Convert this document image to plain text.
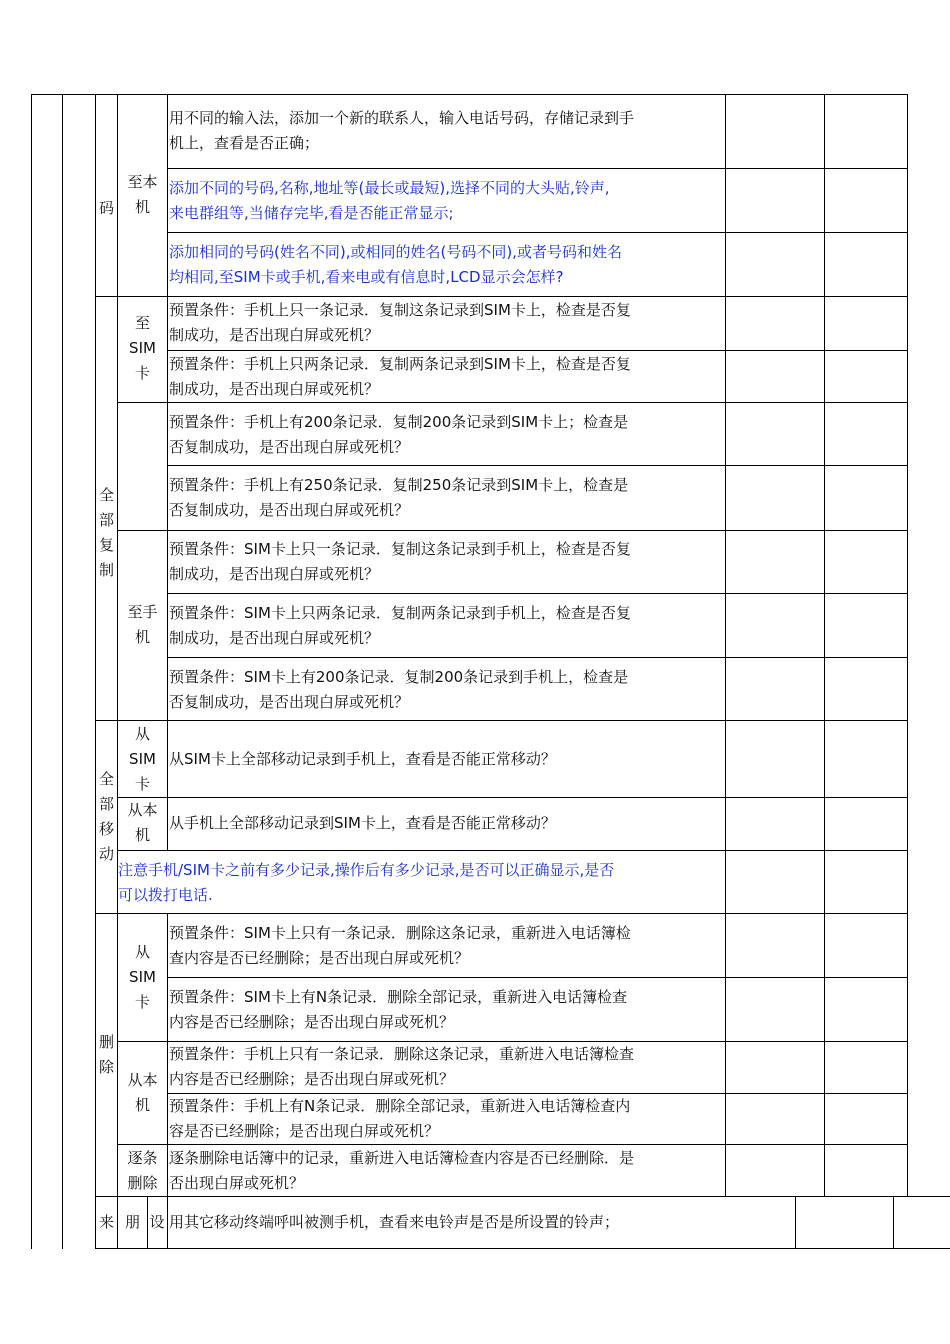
码
至本
机
全
部
复
制
至
SIM
卡
至手
机
全
部
移
动
从
SIM
卡
从本
机
删
除
从
SIM
卡
从本
机
逐条
删除
来 朋 设
用不同的输入法，添加一个新的联系人，输入电话号码，存储记录到手
机上，查看是否正确；
添加不同的号码,名称,地址等(最长或最短),选择不同的大头贴,铃声,
来电群组等,当储存完毕,看是否能正常显示;
添加相同的号码(姓名不同),或相同的姓名(号码不同),或者号码和姓名
均相同,至SIM卡或手机,看来电或有信息时,LCD显示会怎样?
预置条件：手机上只一条记录．复制这条记录到SIM卡上，检查是否复
制成功，是否出现白屏或死机？
预置条件：手机上只两条记录．复制两条记录到SIM卡上，检查是否复
制成功，是否出现白屏或死机？
预置条件：手机上有200条记录．复制200条记录到SIM卡上；检查是
否复制成功，是否出现白屏或死机？
预置条件：手机上有250条记录．复制250条记录到SIM卡上，检查是
否复制成功，是否出现白屏或死机？
预置条件：SIM卡上只一条记录．复制这条记录到手机上，检查是否复
制成功，是否出现白屏或死机？
预置条件：SIM卡上只两条记录．复制两条记录到手机上，检查是否复
制成功，是否出现白屏或死机？
预置条件：SIM卡上有200条记录．复制200条记录到手机上，检查是
否复制成功，是否出现白屏或死机？
从SIM卡上全部移动记录到手机上，查看是否能正常移动？
从手机上全部移动记录到SIM卡上，查看是否能正常移动？
注意手机/SIM卡之前有多少记录,操作后有多少记录,是否可以正确显示,是否
可以拨打电话.
预置条件：SIM卡上只有一条记录．删除这条记录，重新进入电话簿检
查内容是否已经删除；是否出现白屏或死机？
预置条件：SIM卡上有N条记录．删除全部记录，重新进入电话簿检查
内容是否已经删除；是否出现白屏或死机？
预置条件：手机上只有一条记录．删除这条记录，重新进入电话簿检查
内容是否已经删除；是否出现白屏或死机？
预置条件：手机上有N条记录．删除全部记录，重新进入电话簿检查内
容是否已经删除；是否出现白屏或死机？
逐条删除电话簿中的记录，重新进入电话簿检查内容是否已经删除．是
否出现白屏或死机？
用其它移动终端呼叫被测手机，查看来电铃声是否是所设置的铃声；
